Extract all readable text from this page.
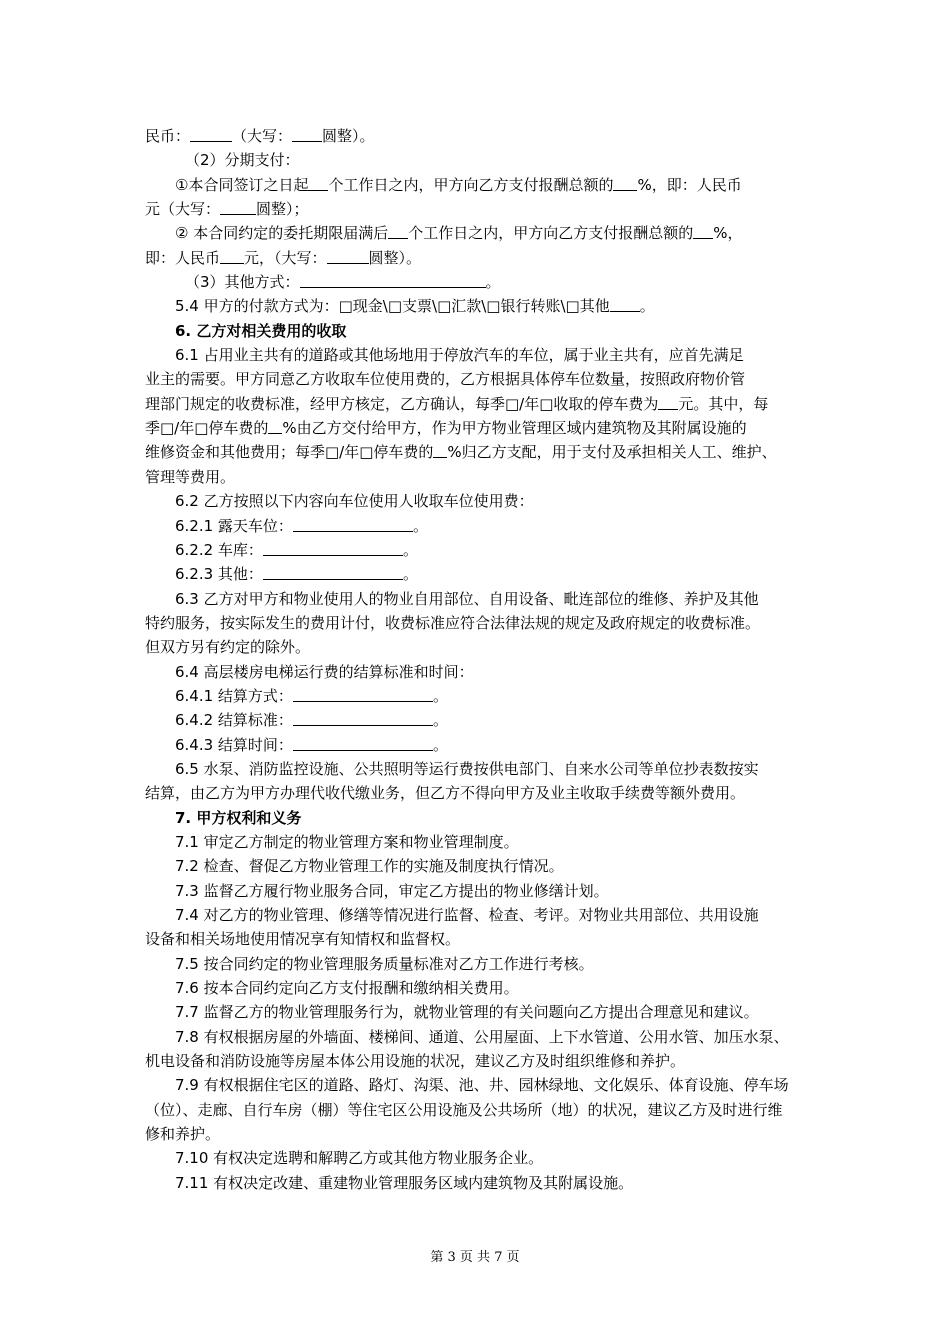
民币：	（大写： 圆整）。
（2）分期支付：
①本合同签订之日起 个工作日之内，甲方向乙方支付报酬总额的 %，即：人民币
元（大写： 圆整）；
② 本合同约定的委托期限届满后 个工作日之内，甲方向乙方支付报酬总额的 %，
即：人民币 元，（大写：	圆整）。
（3）其他方式：	。
5.4 甲方的付款方式为：□现金\□支票\□汇款\□银行转账\□其他 。
6. 乙方对相关费用的收取
6.1 占用业主共有的道路或其他场地用于停放汽车的车位，属于业主共有，应首先满足
业主的需要。甲方同意乙方收取车位使用费的，乙方根据具体停车位数量，按照政府物价管
理部门规定的收费标准，经甲方核定，乙方确认，每季□/年□收取的停车费为 元。其中，每
季□/年□停车费的 %由乙方交付给甲方，作为甲方物业管理区域内建筑物及其附属设施的
维修资金和其他费用；每季□/年□停车费的 %归乙方支配，用于支付及承担相关人工、维护、
管理等费用。
6.2 乙方按照以下内容向车位使用人收取车位使用费：
6.2.1 露天车位：	。
6.2.2 车库：	。
6.2.3 其他：	。
6.3 乙方对甲方和物业使用人的物业自用部位、自用设备、毗连部位的维修、养护及其他
特约服务，按实际发生的费用计付，收费标准应符合法律法规的规定及政府规定的收费标准。
但双方另有约定的除外。
6.4 高层楼房电梯运行费的结算标准和时间：
6.4.1 结算方式：	。
6.4.2 结算标准：	。
6.4.3 结算时间：	。
6.5 水泵、消防监控设施、公共照明等运行费按供电部门、自来水公司等单位抄表数按实
结算，由乙方为甲方办理代收代缴业务，但乙方不得向甲方及业主收取手续费等额外费用。
7. 甲方权利和义务
7.1 审定乙方制定的物业管理方案和物业管理制度。
7.2 检查、督促乙方物业管理工作的实施及制度执行情况。
7.3 监督乙方履行物业服务合同，审定乙方提出的物业修缮计划。
7.4 对乙方的物业管理、修缮等情况进行监督、检查、考评。对物业共用部位、共用设施
设备和相关场地使用情况享有知情权和监督权。
7.5 按合同约定的物业管理服务质量标准对乙方工作进行考核。
7.6 按本合同约定向乙方支付报酬和缴纳相关费用。
7.7 监督乙方的物业管理服务行为，就物业管理的有关问题向乙方提出合理意见和建议。
7.8 有权根据房屋的外墙面、楼梯间、通道、公用屋面、上下水管道、公用水管、加压水泵、
机电设备和消防设施等房屋本体公用设施的状况，建议乙方及时组织维修和养护。
7.9 有权根据住宅区的道路、路灯、沟渠、池、井、园林绿地、文化娱乐、体育设施、停车场
（位）、走廊、自行车房（棚）等住宅区公用设施及公共场所（地）的状况，建议乙方及时进行维
修和养护。
7.10 有权决定选聘和解聘乙方或其他方物业服务企业。
7.11 有权决定改建、重建物业管理服务区域内建筑物及其附属设施。
第 3 页 共 7 页
